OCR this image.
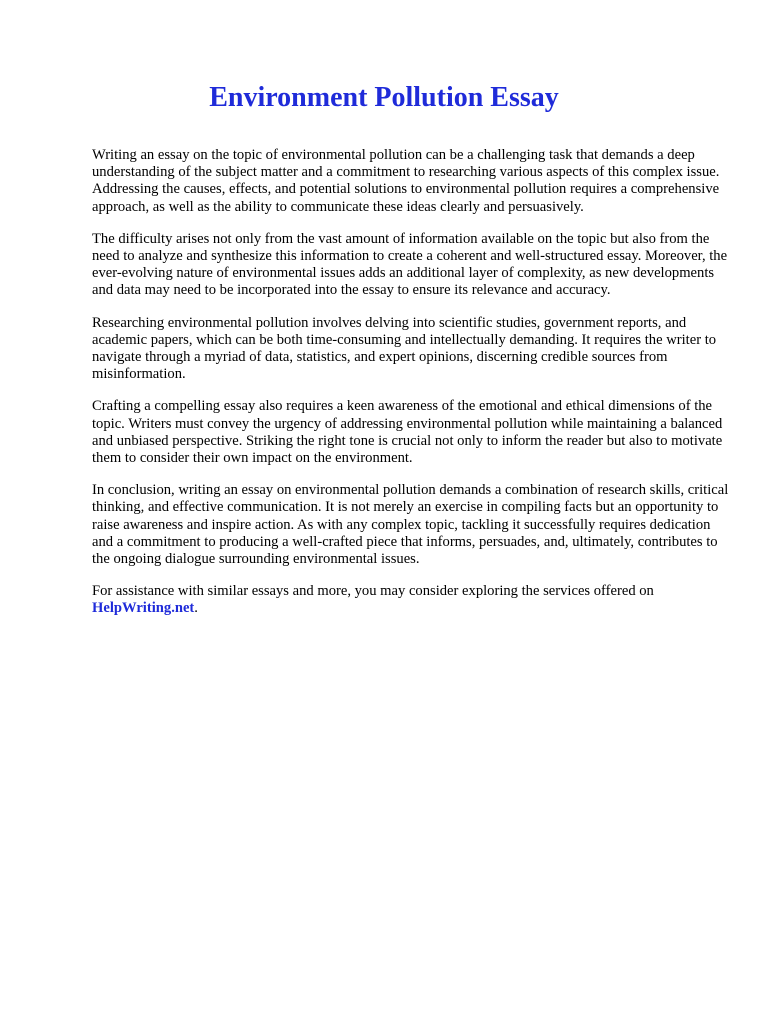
Environment Pollution Essay

Writing an essay on the topic of environmental pollution can be a challenging task that demands a deep understanding of the subject matter and a commitment to researching various aspects of this complex issue. Addressing the causes, effects, and potential solutions to environmental pollution requires a comprehensive approach, as well as the ability to communicate these ideas clearly and persuasively.

The difficulty arises not only from the vast amount of information available on the topic but also from the need to analyze and synthesize this information to create a coherent and well-structured essay. Moreover, the ever-evolving nature of environmental issues adds an additional layer of complexity, as new developments and data may need to be incorporated into the essay to ensure its relevance and accuracy.

Researching environmental pollution involves delving into scientific studies, government reports, and academic papers, which can be both time-consuming and intellectually demanding. It requires the writer to navigate through a myriad of data, statistics, and expert opinions, discerning credible sources from misinformation.

Crafting a compelling essay also requires a keen awareness of the emotional and ethical dimensions of the topic. Writers must convey the urgency of addressing environmental pollution while maintaining a balanced and unbiased perspective. Striking the right tone is crucial not only to inform the reader but also to motivate them to consider their own impact on the environment.

In conclusion, writing an essay on environmental pollution demands a combination of research skills, critical thinking, and effective communication. It is not merely an exercise in compiling facts but an opportunity to raise awareness and inspire action. As with any complex topic, tackling it successfully requires dedication and a commitment to producing a well-crafted piece that informs, persuades, and, ultimately, contributes to the ongoing dialogue surrounding environmental issues.

For assistance with similar essays and more, you may consider exploring the services offered on
HelpWriting.net.
